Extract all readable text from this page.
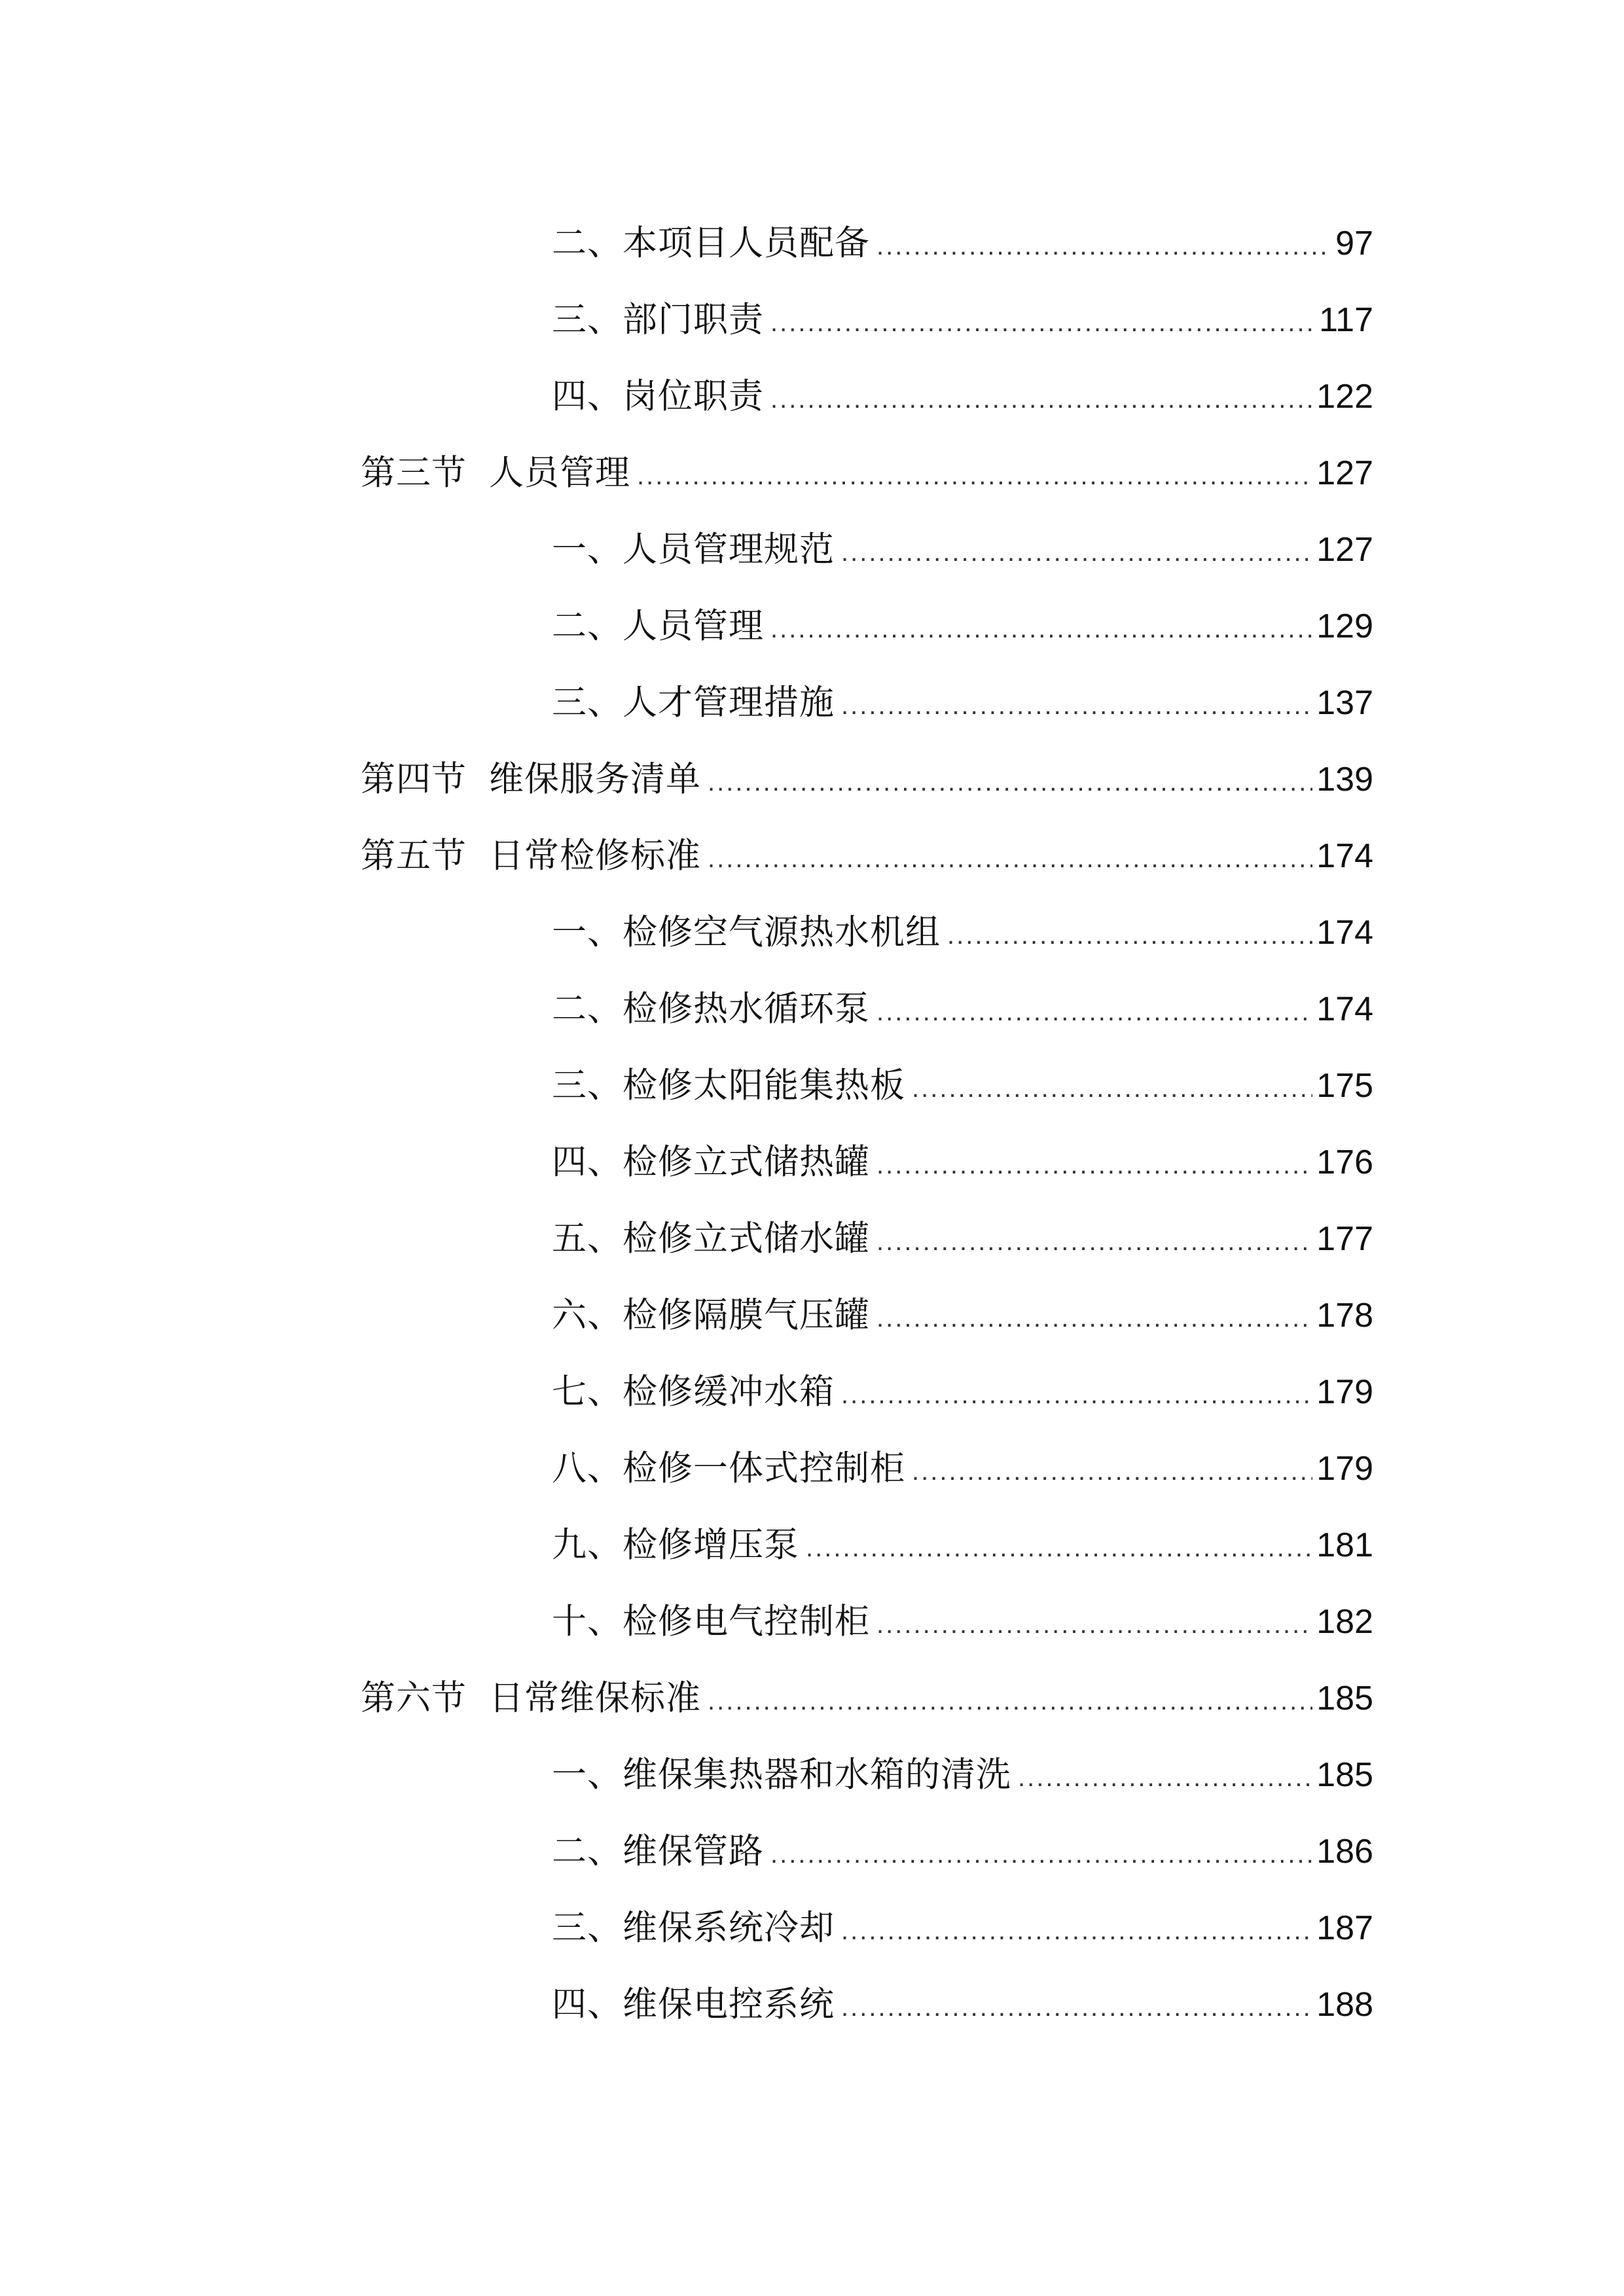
二、本项目人员配备 .....	97
三、部门职责 .....	117
四、岗位职责 .....	122
第三节 人员管理 .....	127
一、人员管理规范 .....	127
二、人员管理 .....	129
三、人才管理措施 .....	137
第四节 维保服务清单 .....	139
第五节 日常检修标准 .....	174
一、检修空气源热水机组 .....	174
二、检修热水循环泵 .....	174
三、检修太阳能集热板 .....	175
四、检修立式储热罐 .....	176
五、检修立式储水罐 .....	177
六、检修隔膜气压罐 .....	178
七、检修缓冲水箱 .....	179
八、检修一体式控制柜 .....	179
九、检修增压泵 .....	181
十、检修电气控制柜 .....	182
第六节 日常维保标准 .....	185
一、维保集热器和水箱的清洗 .....	185
二、维保管路 .....	186
三、维保系统冷却 .....	187
四、维保电控系统 .....	188
